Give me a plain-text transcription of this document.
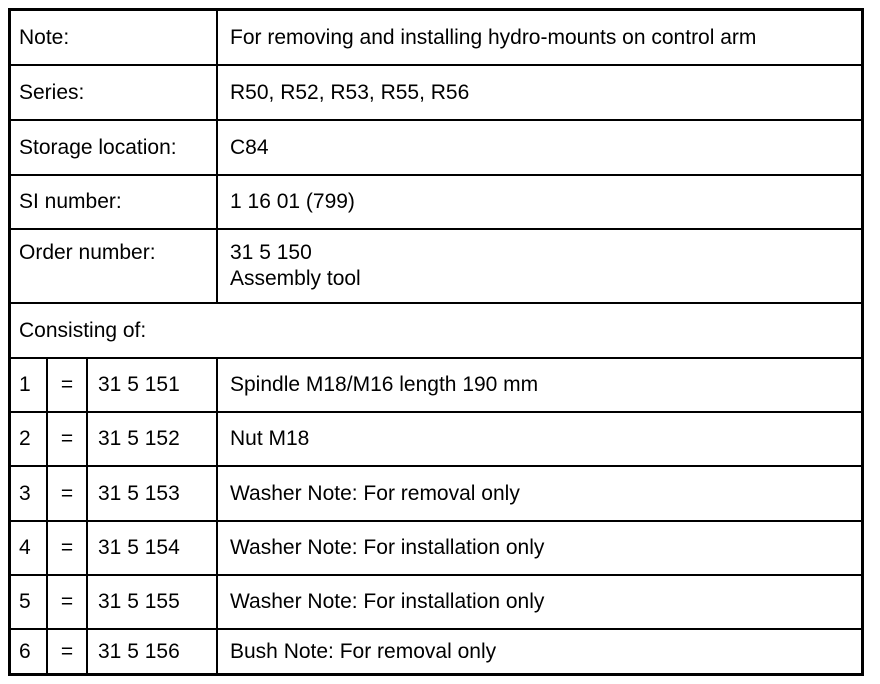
Note:	For removing and installing hydro-mounts on control arm
Series:	R50, R52, R53, R55, R56
Storage location:	C84
SI number:	1 16 01 (799)
Order number:	31 5 150
Assembly tool
Consisting of:
1	=	31 5 151	Spindle M18/M16 length 190 mm
2	=	31 5 152	Nut M18
3	=	31 5 153	Washer Note: For removal only
4	=	31 5 154	Washer Note: For installation only
5	=	31 5 155	Washer Note: For installation only
6	=	31 5 156	Bush Note: For removal only
